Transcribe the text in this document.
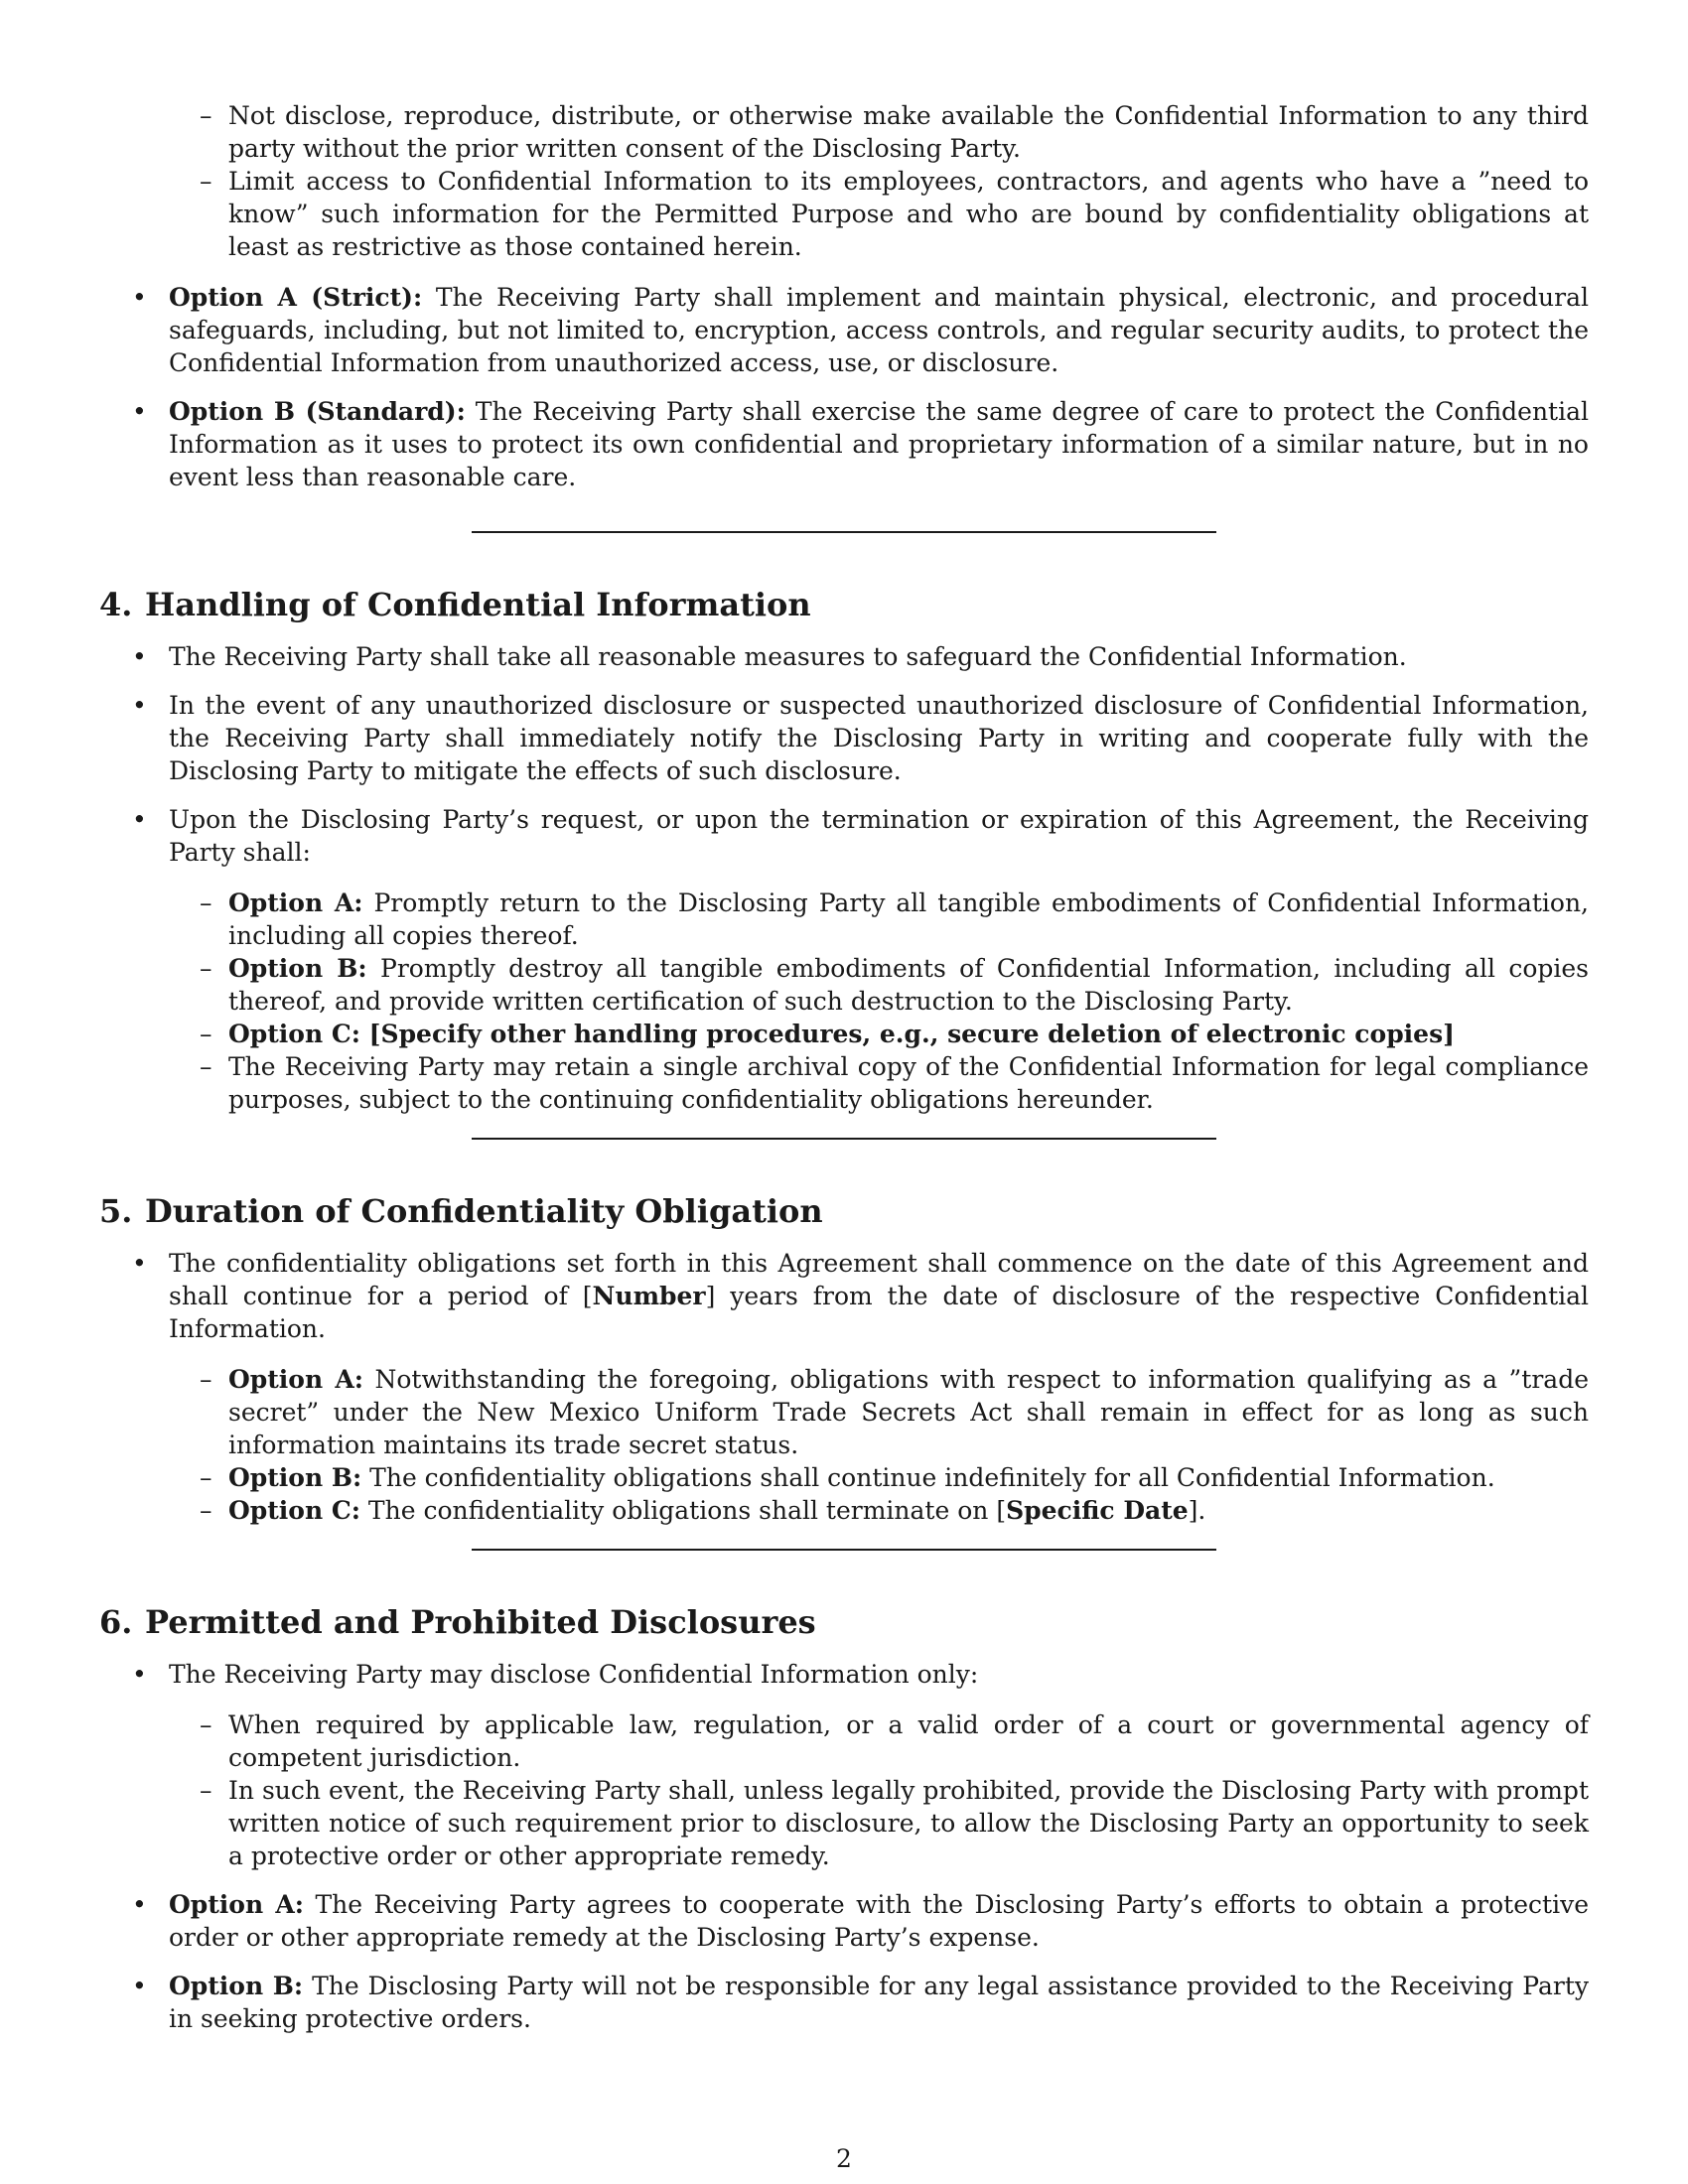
– Not disclose, reproduce, distribute, or otherwise make available the Confidential Information to any third party without the prior written consent of the Disclosing Party.

– Limit access to Confidential Information to its employees, contractors, and agents who have a ”need to know” such information for the Permitted Purpose and who are bound by confidentiality obligations at least as restrictive as those contained herein.

• Option A (Strict): The Receiving Party shall implement and maintain physical, electronic, and procedural safeguards, including, but not limited to, encryption, access controls, and regular security audits, to protect the Confidential Information from unauthorized access, use, or disclosure.

• Option B (Standard): The Receiving Party shall exercise the same degree of care to protect the Confidential Information as it uses to protect its own confidential and proprietary information of a similar nature, but in no event less than reasonable care.

4. Handling of Confidential Information
• The Receiving Party shall take all reasonable measures to safeguard the Confidential Information.

• In the event of any unauthorized disclosure or suspected unauthorized disclosure of Confidential Information, the Receiving Party shall immediately notify the Disclosing Party in writing and cooperate fully with the Disclosing Party to mitigate the effects of such disclosure.

• Upon the Disclosing Party’s request, or upon the termination or expiration of this Agreement, the Receiving Party shall:

– Option A: Promptly return to the Disclosing Party all tangible embodiments of Confidential Information, including all copies thereof.

– Option B: Promptly destroy all tangible embodiments of Confidential Information, including all copies thereof, and provide written certification of such destruction to the Disclosing Party.

– Option C: [Specify other handling procedures, e.g., secure deletion of electronic copies]

– The Receiving Party may retain a single archival copy of the Confidential Information for legal compliance purposes, subject to the continuing confidentiality obligations hereunder.

5. Duration of Confidentiality Obligation
• The confidentiality obligations set forth in this Agreement shall commence on the date of this Agreement and shall continue for a period of [Number] years from the date of disclosure of the respective Confidential Information.

– Option A: Notwithstanding the foregoing, obligations with respect to information qualifying as a ”trade secret” under the New Mexico Uniform Trade Secrets Act shall remain in effect for as long as such information maintains its trade secret status.

– Option B: The confidentiality obligations shall continue indefinitely for all Confidential Information.

– Option C: The confidentiality obligations shall terminate on [Specific Date].

6. Permitted and Prohibited Disclosures
• The Receiving Party may disclose Confidential Information only:

– When required by applicable law, regulation, or a valid order of a court or governmental agency of competent jurisdiction.

– In such event, the Receiving Party shall, unless legally prohibited, provide the Disclosing Party with prompt written notice of such requirement prior to disclosure, to allow the Disclosing Party an opportunity to seek a protective order or other appropriate remedy.

• Option A: The Receiving Party agrees to cooperate with the Disclosing Party’s efforts to obtain a protective order or other appropriate remedy at the Disclosing Party’s expense.

• Option B: The Disclosing Party will not be responsible for any legal assistance provided to the Receiving Party in seeking protective orders.

2
